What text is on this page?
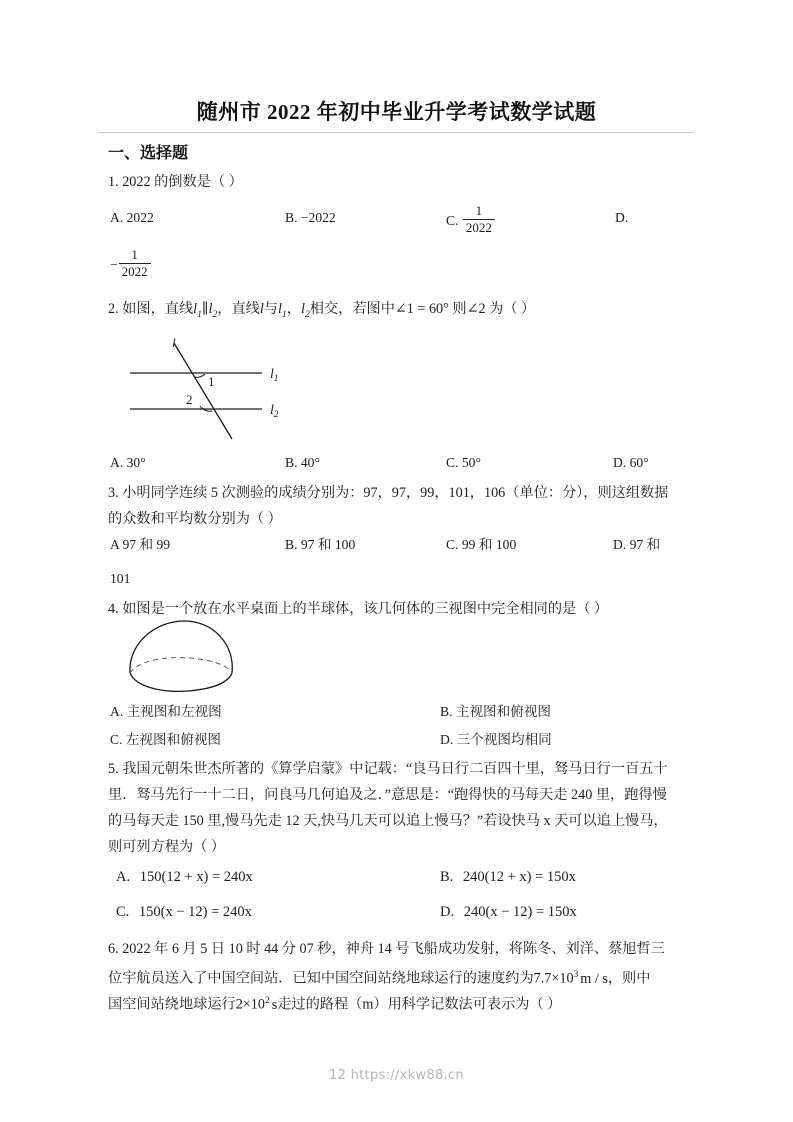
随州市 2022 年初中毕业升学考试数学试题
一、选择题
1. 2022 的倒数是（ ）
A. 2022	B. −2022	C. $\frac{1}{2022}$	D.
− $\frac{1}{2022}$
2. 如图，直线$l_1\parallel l_2$，直线l与$l_1$，$l_2$相交，若图中∠1 = 60° 则∠2 为（ ）
l
1
2
$l_1$
$l_2$
A. 30°	B. 40°	C. 50°	D. 60°
3. 小明同学连续 5 次测验的成绩分别为：97，97，99，101，106（单位：分），则这组数据
的众数和平均数分别为（ ）
A 97 和 99	B. 97 和 100	C. 99 和 100	D. 97 和
101
4. 如图是一个放在水平桌面上的半球体，该几何体的三视图中完全相同的是（ ）
A. 主视图和左视图	B. 主视图和俯视图
C. 左视图和俯视图	D. 三个视图均相同
5. 我国元朝朱世杰所著的《算学启蒙》中记载：“良马日行二百四十里，驽马日行一百五十
里．驽马先行一十二日，问良马几何追及之．”意思是：“跑得快的马每天走 240 里，跑得慢
的马每天走 150 里,慢马先走 12 天,快马几天可以追上慢马？”若设快马 x 天可以追上慢马，
则可列方程为（ ）
A. 150(12 + x) = 240x	B. 240(12 + x) = 150x
C. 150(x − 12) = 240x	D. 240(x − 12) = 150x
6. 2022 年 6 月 5 日 10 时 44 分 07 秒，神舟 14 号飞船成功发射，将陈冬、刘洋、蔡旭哲三
位宇航员送入了中国空间站．已知中国空间站绕地球运行的速度约为$7.7\times 10^3$ m / s，则中
国空间站绕地球运行$2\times 10^2$ s走过的路程（m）用科学记数法可表示为（ ）
12 https://xkw88.cn
